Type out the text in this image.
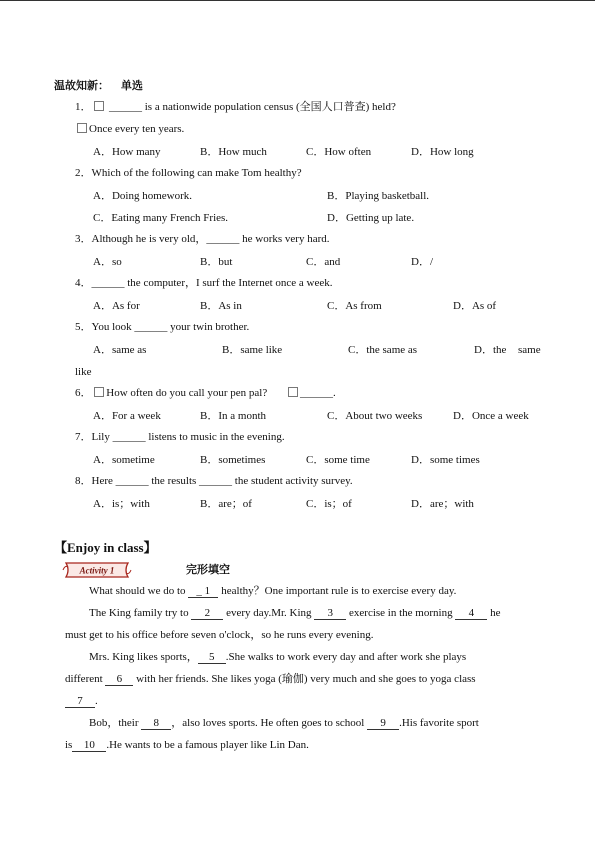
温故知新： 单选
1． ______ is a nationwide population census (全国人口普查) held?
Once every ten years.
A．How many	B．How much	C．How often	D．How long
2．Which of the following can make Tom healthy?
A．Doing homework.	B．Playing basketball.
C．Eating many French Fries.	D．Getting up late.
3．Although he is very old，______ he works very hard.
A．so	B．but	C．and	D．/
4．______ the computer，I surf the Internet once a week.
A．As for	B．As in	C．As from	D．As of
5．You look ______ your twin brother.
A．same as	B．same like	C．the same as	D．the same
like
6． How often do you call your pen pal?	______.
A．For a week	B．In a month	C．About two weeks	D．Once a week
7．Lily ______ listens to music in the evening.
A．sometime	B．sometimes	C．some time	D．some times
8．Here ______ the results ______ the student activity survey.
A．is；with	B．are；of	C．is；of	D．are；with
【Enjoy in class】
Activity 1	完形填空
What should we do to _ 1 healthy？One important rule is to exercise every day.
The King family try to 2 every day.Mr. King 3 exercise in the morning 4 he
must get to his office before seven o'clock，so he runs every evening.
Mrs. King likes sports， 5 .She walks to work every day and after work she plays
different 6 with her friends. She likes yoga (瑜伽) very much and she goes to yoga class
7 .
Bob，their 8 ，also loves sports. He often goes to school 9 .His favorite sport
is 10 .He wants to be a famous player like Lin Dan.
